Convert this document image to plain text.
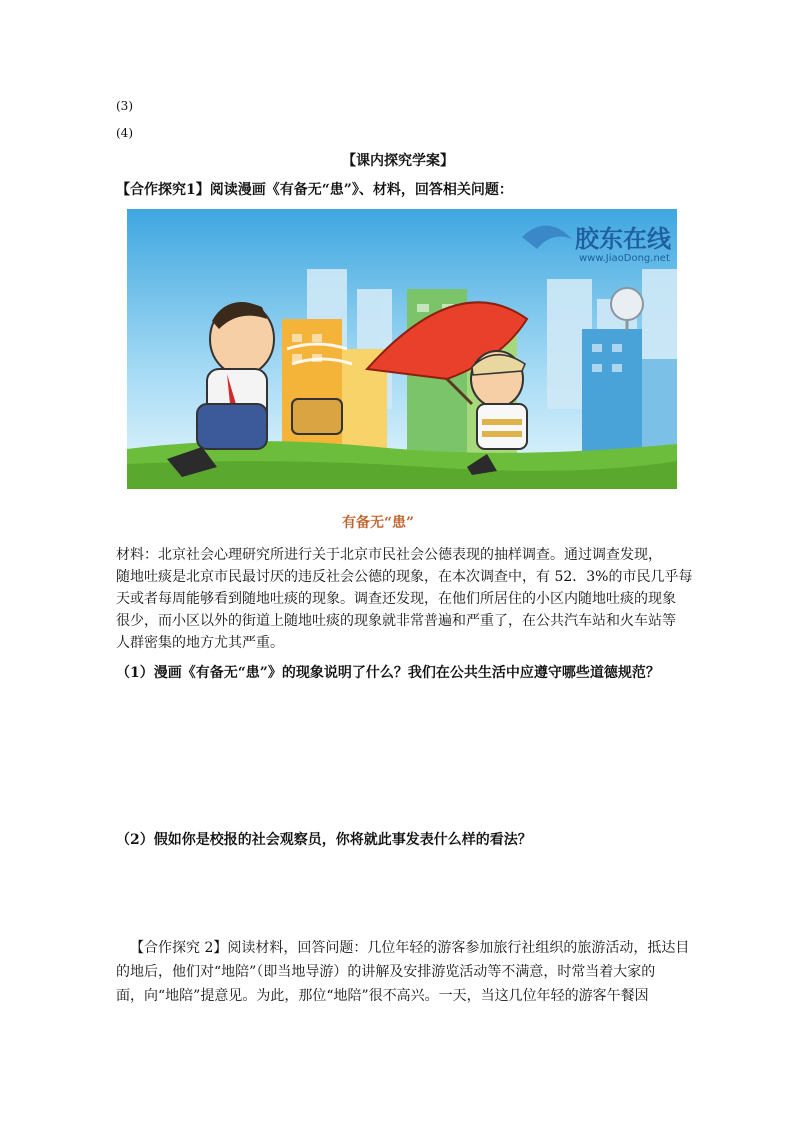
(3)
(4)
【课内探究学案】
【合作探究1】阅读漫画《有备无“患”》、材料，回答相关问题：
胶东在线
www.JiaoDong.net
有备无“患”
材料：北京社会心理研究所进行关于北京市民社会公德表现的抽样调查。通过调查发现，
随地吐痰是北京市民最讨厌的违反社会公德的现象，在本次调查中，有 52．3%的市民几乎每
天或者每周能够看到随地吐痰的现象。调查还发现，在他们所居住的小区内随地吐痰的现象
很少，而小区以外的街道上随地吐痰的现象就非常普遍和严重了，在公共汽车站和火车站等
人群密集的地方尤其严重。
（1）漫画《有备无“患”》的现象说明了什么？我们在公共生活中应遵守哪些道德规范？
（2）假如你是校报的社会观察员，你将就此事发表什么样的看法？
【合作探究 2】阅读材料，回答问题：几位年轻的游客参加旅行社组织的旅游活动，抵达目
的地后，他们对“地陪”（即当地导游）的讲解及安排游览活动等不满意，时常当着大家的
面，向“地陪”提意见。为此，那位“地陪”很不高兴。一天，当这几位年轻的游客午餐因
